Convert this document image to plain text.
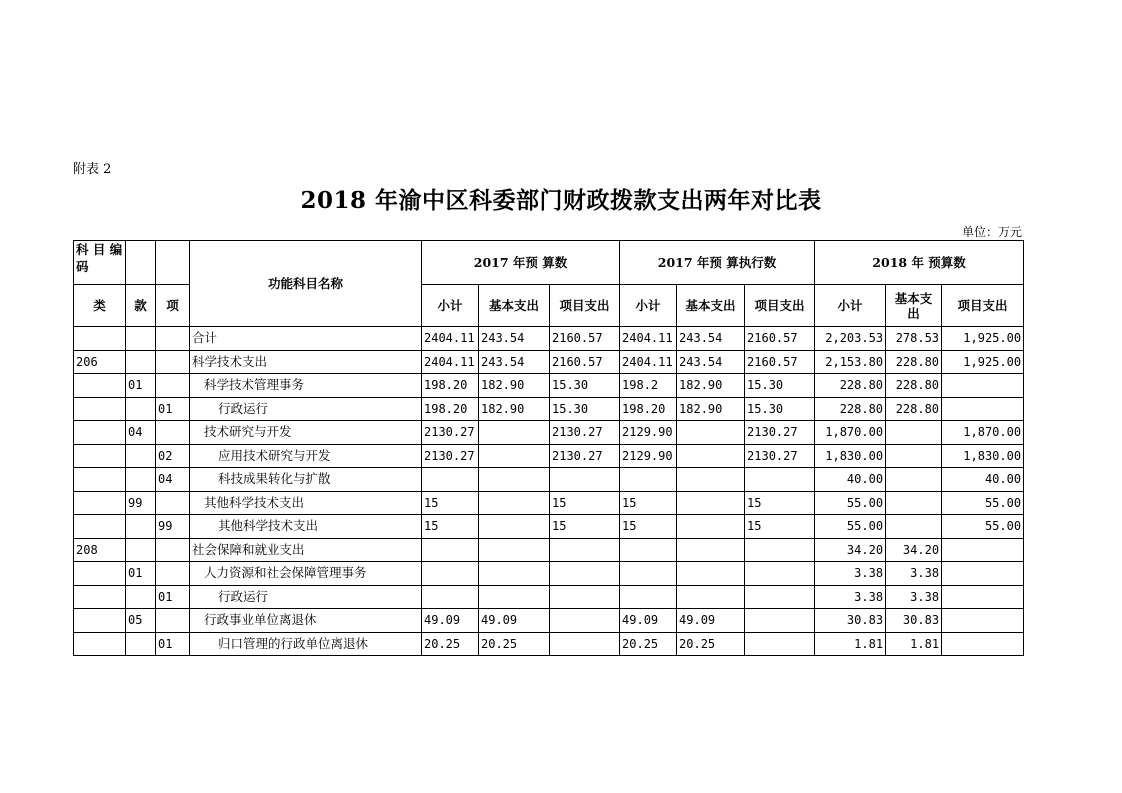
附表 2
2018 年渝中区科委部门财政拨款支出两年对比表
单位：万元
科 目 编 码			功能科目名称	2017 年预 算数			2017 年预 算执行数			2018 年 预算数		
类	款	项		小计	基本支出	项目支出	小计	基本支出	项目支出	小计	基本支 出	项目支出
			合计	2404.11	243.54	2160.57	2404.11	243.54	2160.57	2,203.53	278.53	1,925.00
206			科学技术支出	2404.11	243.54	2160.57	2404.11	243.54	2160.57	2,153.80	228.80	1,925.00
	01		科学技术管理事务	198.20	182.90	15.30	198.2	182.90	15.30	228.80	228.80	
		01	行政运行	198.20	182.90	15.30	198.20	182.90	15.30	228.80	228.80	
	04		技术研究与开发	2130.27		2130.27	2129.90		2130.27	1,870.00		1,870.00
		02	应用技术研究与开发	2130.27		2130.27	2129.90		2130.27	1,830.00		1,830.00
		04	科技成果转化与扩散							40.00		40.00
	99		其他科学技术支出	15		15	15		15	55.00		55.00
		99	其他科学技术支出	15		15	15		15	55.00		55.00
208			社会保障和就业支出							34.20	34.20	
	01		人力资源和社会保障管理事务							3.38	3.38	
		01	行政运行							3.38	3.38	
	05		行政事业单位离退休	49.09	49.09		49.09	49.09		30.83	30.83	
		01	归口管理的行政单位离退休	20.25	20.25		20.25	20.25		1.81	1.81	
